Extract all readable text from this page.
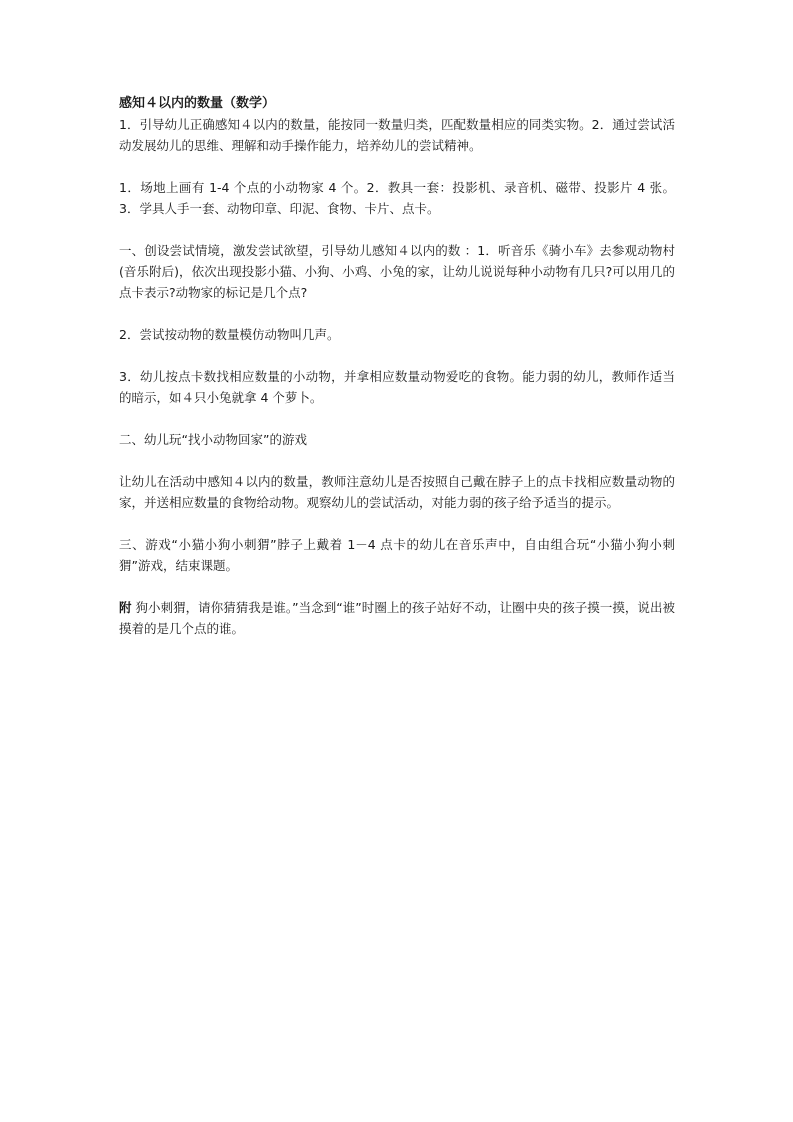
感知４以内的数量（数学）

1．引导幼儿正确感知４以内的数量，能按同一数量归类，匹配数量相应的同类实物。2．通过尝试活动发展幼儿的思维、理解和动手操作能力，培养幼儿的尝试精神。

1．场地上画有 1-4 个点的小动物家 4 个。2．教具一套：投影机、录音机、磁带、投影片 4 张。 3．学具人手一套、动物印章、印泥、食物、卡片、点卡。

一、创设尝试情境，激发尝试欲望，引导幼儿感知４以内的数 ：1．听音乐《骑小车》去参观动物村(音乐附后)，依次出现投影小猫、小狗、小鸡、小兔的家，让幼儿说说每种小动物有几只?可以用几的点卡表示?动物家的标记是几个点?

2．尝试按动物的数量模仿动物叫几声。

3．幼儿按点卡数找相应数量的小动物，并拿相应数量动物爱吃的食物。能力弱的幼儿，教师作适当的暗示，如４只小兔就拿 4 个萝卜。

二、幼儿玩“找小动物回家”的游戏

让幼儿在活动中感知４以内的数量，教师注意幼儿是否按照自己戴在脖子上的点卡找相应数量动物的家，并送相应数量的食物给动物。观察幼儿的尝试活动，对能力弱的孩子给予适当的提示。

三、游戏“小猫小狗小刺猬”脖子上戴着 1－4 点卡的幼儿在音乐声中，自由组合玩“小猫小狗小刺猬”游戏，结束课题。

附 狗小刺猬，请你猜猜我是谁。”当念到“谁”时圈上的孩子站好不动，让圈中央的孩子摸一摸，说出被摸着的是几个点的谁。
